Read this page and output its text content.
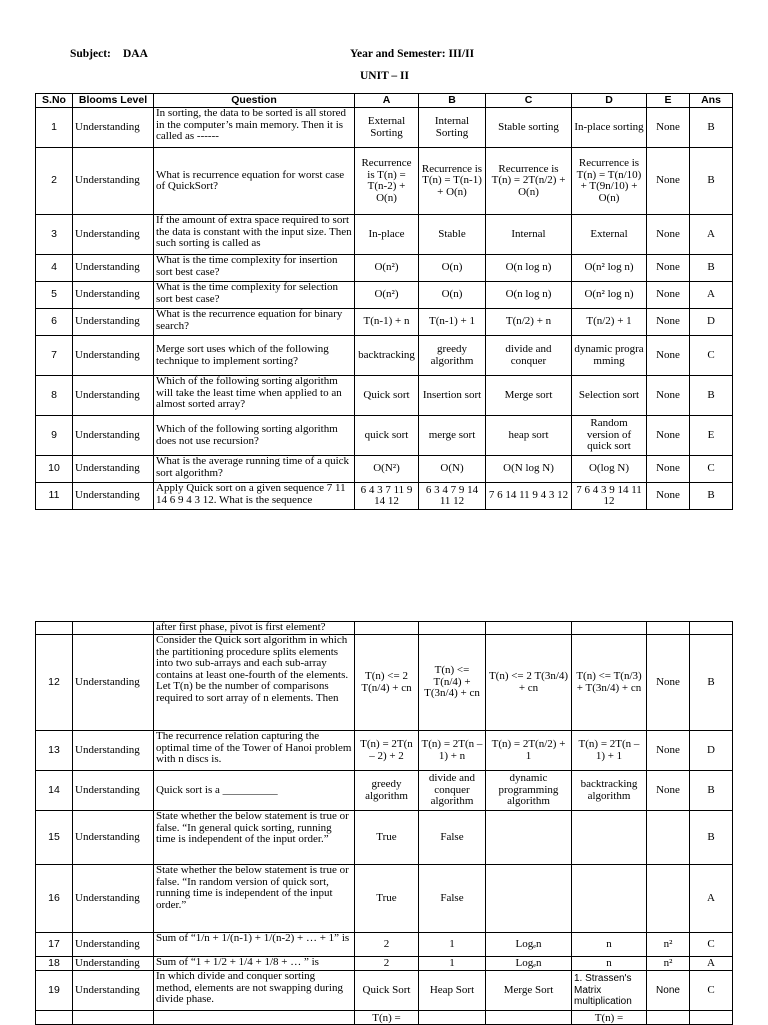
Subject: DAA	Year and Semester: III/II
UNIT – II
S.No	Blooms Level	Question	A	B	C	D	E	Ans
1	Understanding	In sorting, the data to be sorted is all stored in the computer’s main memory. Then it is called as ------	External Sorting	Internal Sorting	Stable sorting	In-place sorting	None	B
2	Understanding	What is recurrence equation for worst case of QuickSort?	Recurrence is T(n) = T(n-2) + O(n)	Recurrence is T(n) = T(n-1) + O(n)	Recurrence is T(n) = 2T(n/2) + O(n)	Recurrence is T(n) = T(n/10) + T(9n/10) + O(n)	None	B
3	Understanding	If the amount of extra space required to sort the data is constant with the input size. Then such sorting is called as	In-place	Stable	Internal	External	None	A
4	Understanding	What is the time complexity for insertion sort best case?	O(n²)	O(n)	O(n log n)	O(n² log n)	None	B
5	Understanding	What is the time complexity for selection sort best case?	O(n²)	O(n)	O(n log n)	O(n² log n)	None	A
6	Understanding	What is the recurrence equation for binary search?	T(n-1) + n	T(n-1) + 1	T(n/2) + n	T(n/2) + 1	None	D
7	Understanding	Merge sort uses which of the following technique to implement sorting?	backtracking	greedy algorithm	divide and conquer	dynamic programming	None	C
8	Understanding	Which of the following sorting algorithm will take the least time when applied to an almost sorted array?	Quick sort	Insertion sort	Merge sort	Selection sort	None	B
9	Understanding	Which of the following sorting algorithm does not use recursion?	quick sort	merge sort	heap sort	Random version of quick sort	None	E
10	Understanding	What is the average running time of a quick sort algorithm?	O(N²)	O(N)	O(N log N)	O(log N)	None	C
11	Understanding	Apply Quick sort on a given sequence 7 11 14 6 9 4 3 12. What is the sequence	6 4 3 7 11 9 14 12	6 3 4 7 9 14 11 12	7 6 14 11 9 4 3 12	7 6 4 3 9 14 11 12	None	B
		after first phase, pivot is first element?						
12	Understanding	Consider the Quick sort algorithm in which the partitioning procedure splits elements into two sub-arrays and each sub-array contains at least one-fourth of the elements. Let T(n) be the number of comparisons required to sort array of n elements. Then	T(n) <= 2 T(n/4) + cn	T(n) <= T(n/4) + T(3n/4) + cn	T(n) <= 2 T(3n/4) + cn	T(n) <= T(n/3) + T(3n/4) + cn	None	B
13	Understanding	The recurrence relation capturing the optimal time of the Tower of Hanoi problem with n discs is.	T(n) = 2T(n – 2) + 2	T(n) = 2T(n – 1) + n	T(n) = 2T(n/2) + 1	T(n) = 2T(n – 1) + 1	None	D
14	Understanding	Quick sort is a __________	greedy algorithm	divide and conquer algorithm	dynamic programming algorithm	backtracking algorithm	None	B
15	Understanding	State whether the below statement is true or false. “In general quick sorting, running time is independent of the input order.”	True	False				B
16	Understanding	State whether the below statement is true or false. “In random version of quick sort, running time is independent of the input order.”	True	False				A
17	Understanding	Sum of “1/n + 1/(n-1) + 1/(n-2) + … + 1” is	2	1	Logₑn	n	n²	C
18	Understanding	Sum of “1 + 1/2 + 1/4 + 1/8 + … ” is	2	1	Logₑn	n	n²	A
19	Understanding	In which divide and conquer sorting method, elements are not swapping during divide phase.	Quick Sort	Heap Sort	Merge Sort	1. Strassen's Matrix multiplication	None	C
			T(n) =			T(n) =		
